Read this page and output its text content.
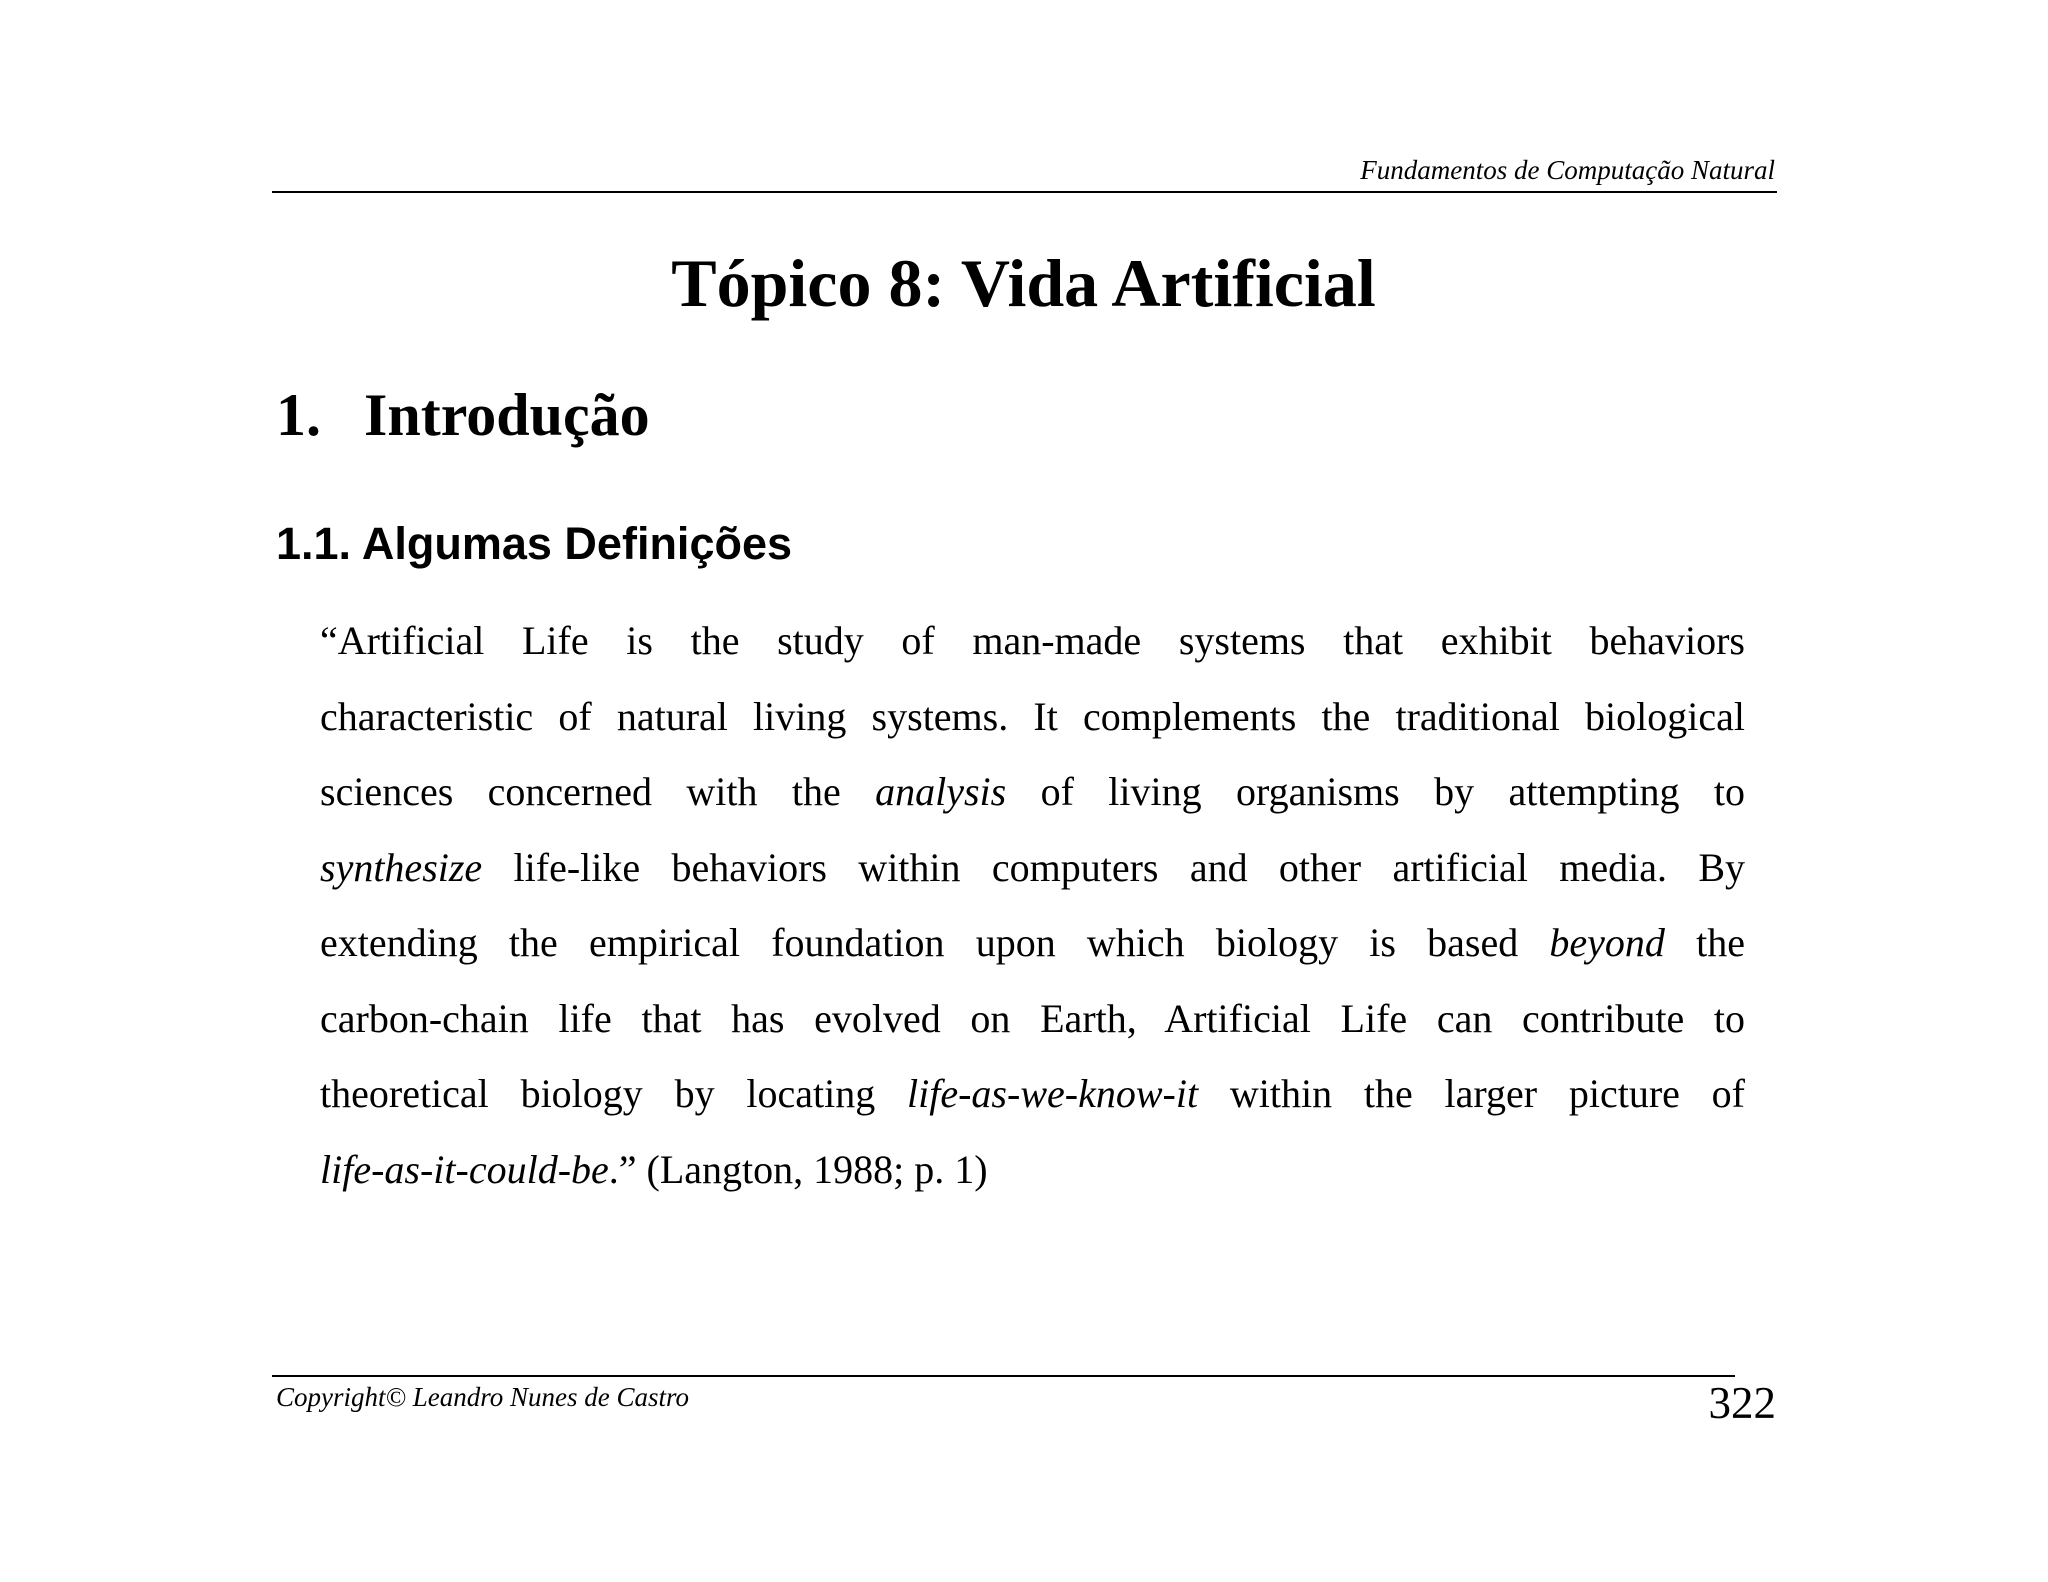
Fundamentos de Computação Natural
Tópico 8: Vida Artificial
1. Introdução
1.1. Algumas Definições
“Artificial Life is the study of man-made systems that exhibit behaviors
characteristic of natural living systems. It complements the traditional biological
sciences concerned with the analysis of living organisms by attempting to
synthesize life-like behaviors within computers and other artificial media. By
extending the empirical foundation upon which biology is based beyond the
carbon-chain life that has evolved on Earth, Artificial Life can contribute to
theoretical biology by locating life-as-we-know-it within the larger picture of
life-as-it-could-be.” (Langton, 1988; p. 1)
Copyright© Leandro Nunes de Castro	322
